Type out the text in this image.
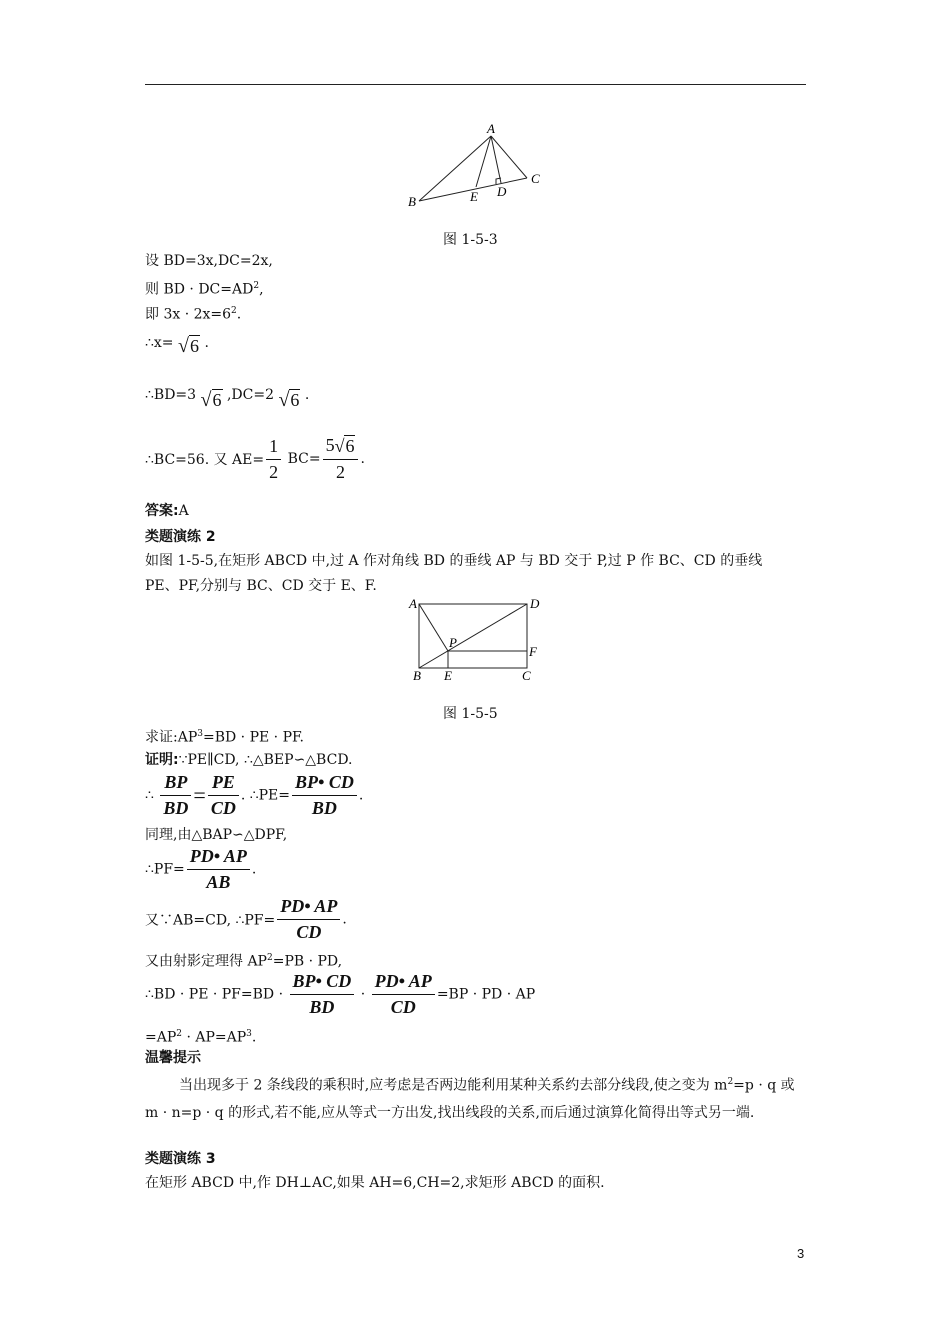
A
B
C
D
E
图 1-5-3
设 BD=3x,DC=2x,
则 BD · $DC=AD^2$,
即 $3x \cdot 2x=6^2$.
∴x= √6 .
∴BD=3 √6 ,DC=2 √6 .
∴BC=56. 又 $AE= \frac{1}{2} BC= \frac{5√6}{2}$ .
答案:A
类题演练 2
如图 1-5-5,在矩形 ABCD 中,过 A 作对角线 BD 的垂线 AP 与 BD 交于 P,过 P 作 BC、CD 的垂线
PE、PF,分别与 BC、CD 交于 E、F.
A	D
P
F
B E	C
图 1-5-5
求证$:AP^3=BD$ · PE · PF.
证明:∵PE∥CD, ∴△BEP∽△BCD.
∴ $\frac{BP}{BD} = \frac{PE}{CD}$ . ∴PE= $\frac{BP• CD}{BD}$ .
同理,由△BAP∽△DPF,
∴PF= $\frac{PD• AP}{AB}$ .
又∵AB=CD, ∴PF= $\frac{PD• AP}{CD}$ .
又由射影定理得 $AP^2=PB$ · PD,
∴BD · PE · $PF=BD \cdot \frac{BP• CD}{BD} \cdot \frac{PD• AP}{CD} =BP$ · PD · AP
$=AP^2 \cdot AP=AP^3$.
温馨提示
当出现多于 2 条线段的乘积时,应考虑是否两边能利用某种关系约去部分线段,使之变为 $m^2=p \cdot q$ 或 m · n=p · q 的形式,若不能,应从等式一方出发,找出线段的关系,而后通过演算化简得出等式另一端.
类题演练 3
在矩形 ABCD 中,作 DH⊥AC,如果 AH=6,CH=2,求矩形 ABCD 的面积.
3
